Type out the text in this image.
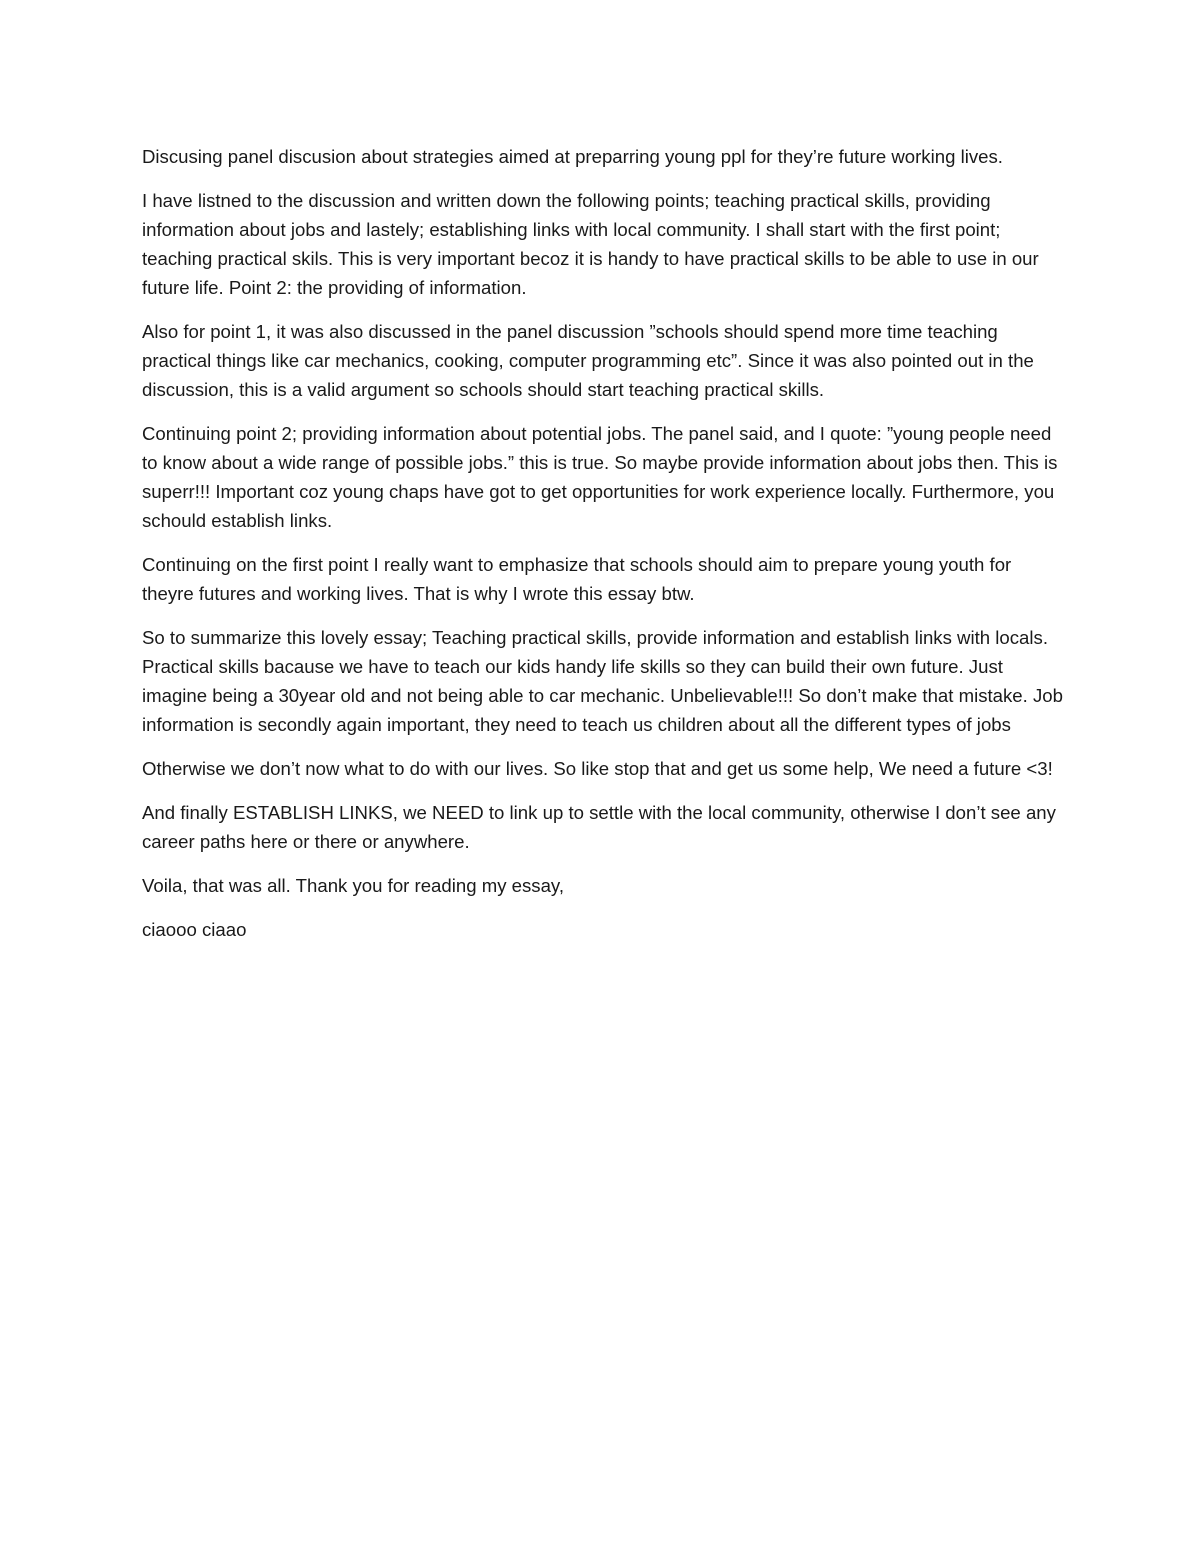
Discusing panel discusion about strategies aimed at preparring young ppl for they’re future working lives.

I have listned to the discussion and written down the following points; teaching practical skills, providing information about jobs and lastely; establishing links with local community. I shall start with the first point; teaching practical skils. This is very important becoz it is handy to have practical skills to be able to use in our future life. Point 2: the providing of information.

Also for point 1, it was also discussed in the panel discussion ”schools should spend more time teaching practical things like car mechanics, cooking, computer programming etc”. Since it was also pointed out in the discussion, this is a valid argument so schools should start teaching practical skills.

Continuing point 2; providing information about potential jobs. The panel said, and I quote: ”young people need to know about a wide range of possible jobs.” this is true. So maybe provide information about jobs then. This is superr!!! Important coz young chaps have got to get opportunities for work experience locally. Furthermore, you schould establish links.

Continuing on the first point I really want to emphasize that schools should aim to prepare young youth for theyre futures and working lives. That is why I wrote this essay btw.

So to summarize this lovely essay; Teaching practical skills, provide information and establish links with locals. Practical skills bacause we have to teach our kids handy life skills so they can build their own future. Just imagine being a 30year old and not being able to car mechanic. Unbelievable!!! So don’t make that mistake. Job information is secondly again important, they need to teach us children about all the different types of jobs

Otherwise we don’t now what to do with our lives. So like stop that and get us some help, We need a future <3!

And finally ESTABLISH LINKS, we NEED to link up to settle with the local community, otherwise I don’t see any career paths here or there or anywhere.

Voila, that was all. Thank you for reading my essay,

ciaooo ciaao
